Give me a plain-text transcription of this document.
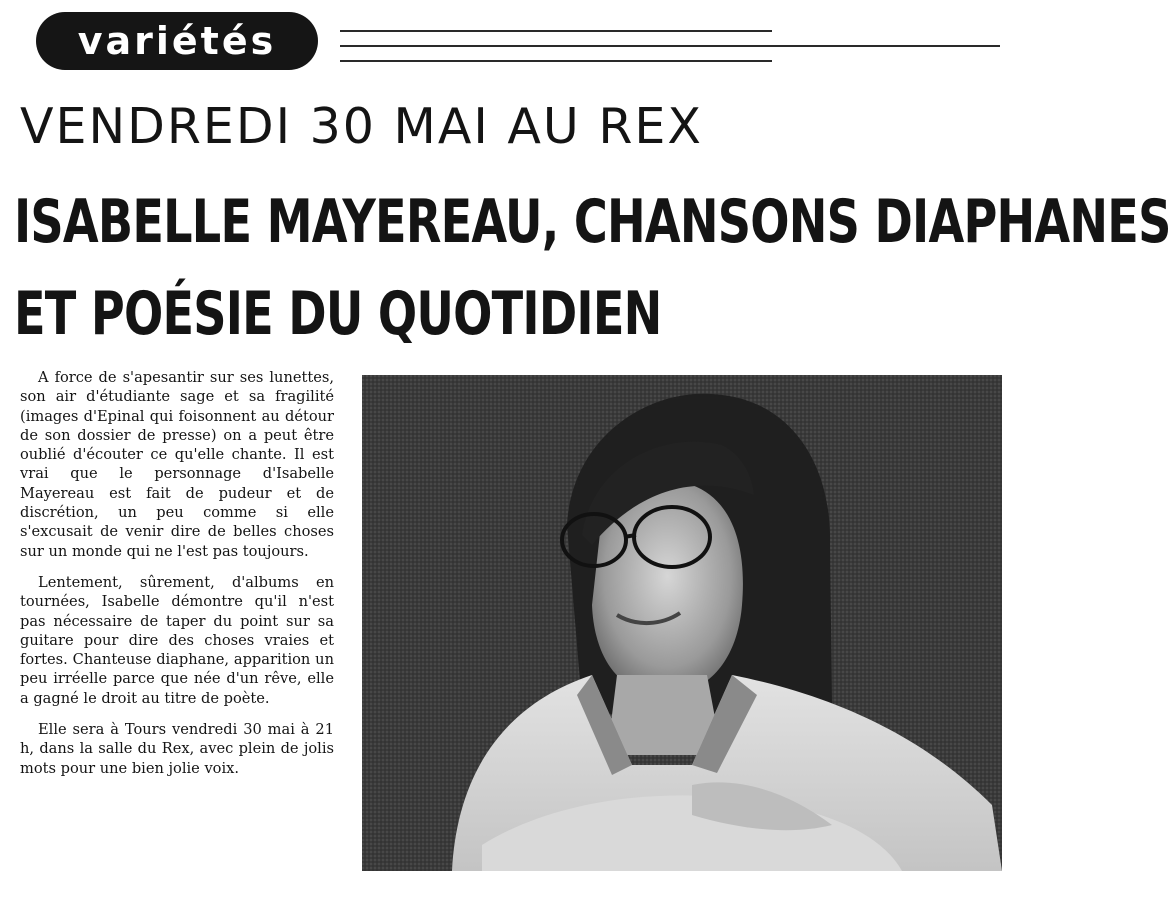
variétés
VENDREDI 30 MAI AU REX
ISABELLE MAYEREAU, CHANSONS DIAPHANES
ET POÉSIE DU QUOTIDIEN

A force de s'apesantir sur ses lunettes, son air d'étudiante sage et sa fragilité (images d'Epinal qui foisonnent au détour de son dossier de presse) on a peut être oublié d'écouter ce qu'elle chante. Il est vrai que le personnage d'Isabelle Mayereau est fait de pudeur et de discrétion, un peu comme si elle s'excusait de venir dire de belles choses sur un monde qui ne l'est pas toujours.

Lentement, sûrement, d'albums en tournées, Isabelle démontre qu'il n'est pas nécessaire de taper du point sur sa guitare pour dire des choses vraies et fortes. Chanteuse diaphane, apparition un peu irréelle parce que née d'un rêve, elle a gagné le droit au titre de poète.

Elle sera à Tours vendredi 30 mai à 21 h, dans la salle du Rex, avec plein de jolis mots pour une bien jolie voix.
